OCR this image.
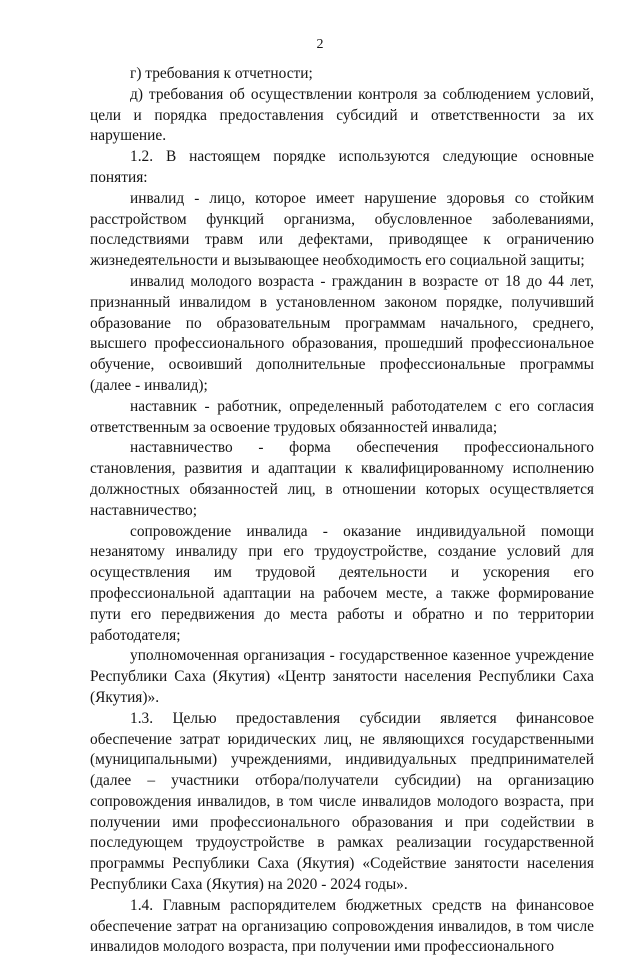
2

г) требования к отчетности;

д) требования об осуществлении контроля за соблюдением условий, цели и порядка предоставления субсидий и ответственности за их нарушение.

1.2. В настоящем порядке используются следующие основные понятия:

инвалид - лицо, которое имеет нарушение здоровья со стойким расстройством функций организма, обусловленное заболеваниями, последствиями травм или дефектами, приводящее к ограничению жизнедеятельности и вызывающее необходимость его социальной защиты;

инвалид молодого возраста - гражданин в возрасте от 18 до 44 лет, признанный инвалидом в установленном законом порядке, получивший образование по образовательным программам начального, среднего, высшего профессионального образования, прошедший профессиональное обучение, освоивший дополнительные профессиональные программы (далее - инвалид);

наставник - работник, определенный работодателем с его согласия ответственным за освоение трудовых обязанностей инвалида;

наставничество - форма обеспечения профессионального становления, развития и адаптации к квалифицированному исполнению должностных обязанностей лиц, в отношении которых осуществляется наставничество;

сопровождение инвалида - оказание индивидуальной помощи незанятому инвалиду при его трудоустройстве, создание условий для осуществления им трудовой деятельности и ускорения его профессиональной адаптации на рабочем месте, а также формирование пути его передвижения до места работы и обратно и по территории работодателя;

уполномоченная организация - государственное казенное учреждение Республики Саха (Якутия) «Центр занятости населения Республики Саха (Якутия)».

1.3. Целью предоставления субсидии является финансовое обеспечение затрат юридических лиц, не являющихся государственными (муниципальными) учреждениями, индивидуальных предпринимателей (далее – участники отбора/получатели субсидии) на организацию сопровождения инвалидов, в том числе инвалидов молодого возраста, при получении ими профессионального образования и при содействии в последующем трудоустройстве в рамках реализации государственной программы Республики Саха (Якутия) «Содействие занятости населения Республики Саха (Якутия) на 2020 - 2024 годы».

1.4. Главным распорядителем бюджетных средств на финансовое обеспечение затрат на организацию сопровождения инвалидов, в том числе инвалидов молодого возраста, при получении ими профессионального
